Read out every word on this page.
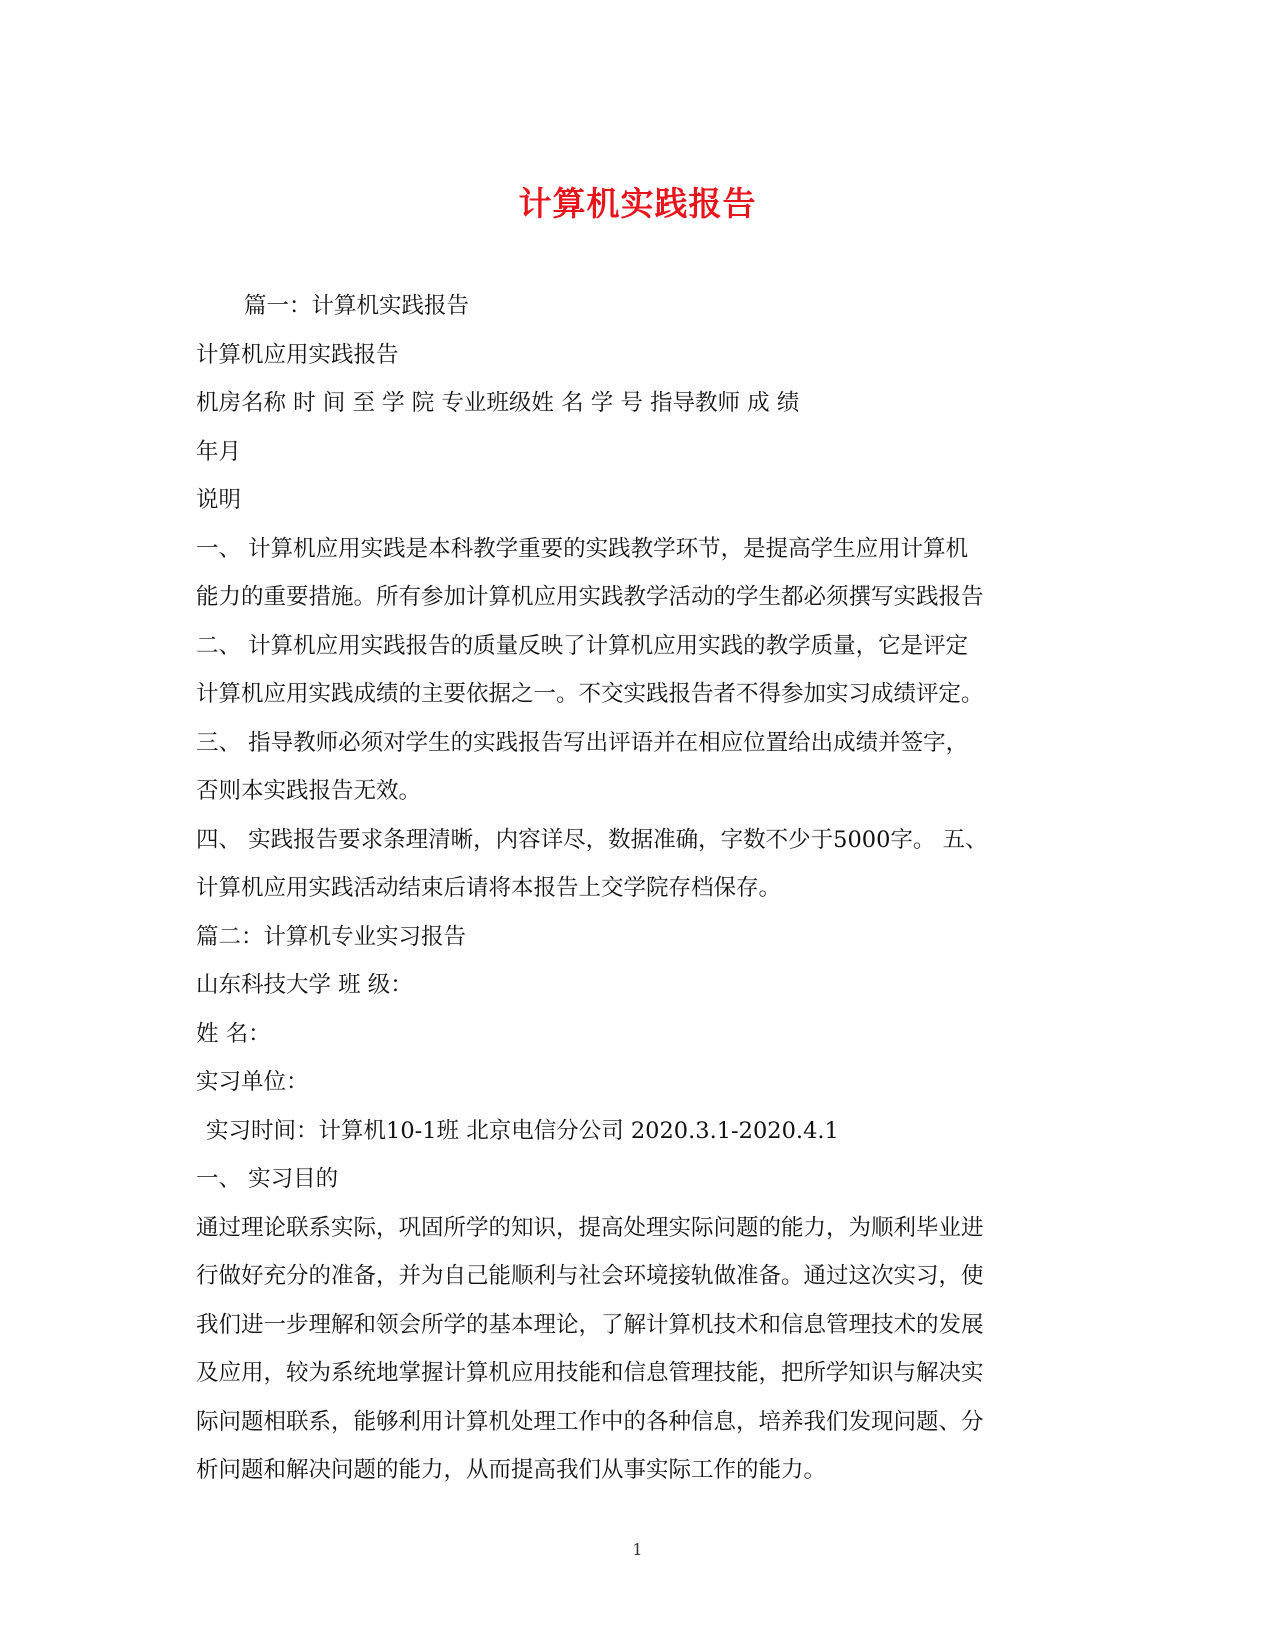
计算机实践报告
篇一：计算机实践报告
计算机应用实践报告
机房名称 时 间 至 学 院 专业班级姓 名 学 号 指导教师 成 绩
年月
说明
一、 计算机应用实践是本科教学重要的实践教学环节，是提高学生应用计算机
能力的重要措施。所有参加计算机应用实践教学活动的学生都必须撰写实践报告
二、 计算机应用实践报告的质量反映了计算机应用实践的教学质量，它是评定
计算机应用实践成绩的主要依据之一。不交实践报告者不得参加实习成绩评定。
三、 指导教师必须对学生的实践报告写出评语并在相应位置给出成绩并签字，
否则本实践报告无效。
四、 实践报告要求条理清晰，内容详尽，数据准确，字数不少于5000字。 五、
计算机应用实践活动结束后请将本报告上交学院存档保存。
篇二：计算机专业实习报告
山东科技大学 班 级：
姓 名：
实习单位：
实习时间：计算机10-1班 北京电信分公司 2020.3.1-2020.4.1
一、 实习目的
通过理论联系实际，巩固所学的知识，提高处理实际问题的能力，为顺利毕业进
行做好充分的准备，并为自己能顺利与社会环境接轨做准备。通过这次实习，使
我们进一步理解和领会所学的基本理论，了解计算机技术和信息管理技术的发展
及应用，较为系统地掌握计算机应用技能和信息管理技能，把所学知识与解决实
际问题相联系，能够利用计算机处理工作中的各种信息，培养我们发现问题、分
析问题和解决问题的能力，从而提高我们从事实际工作的能力。
1
